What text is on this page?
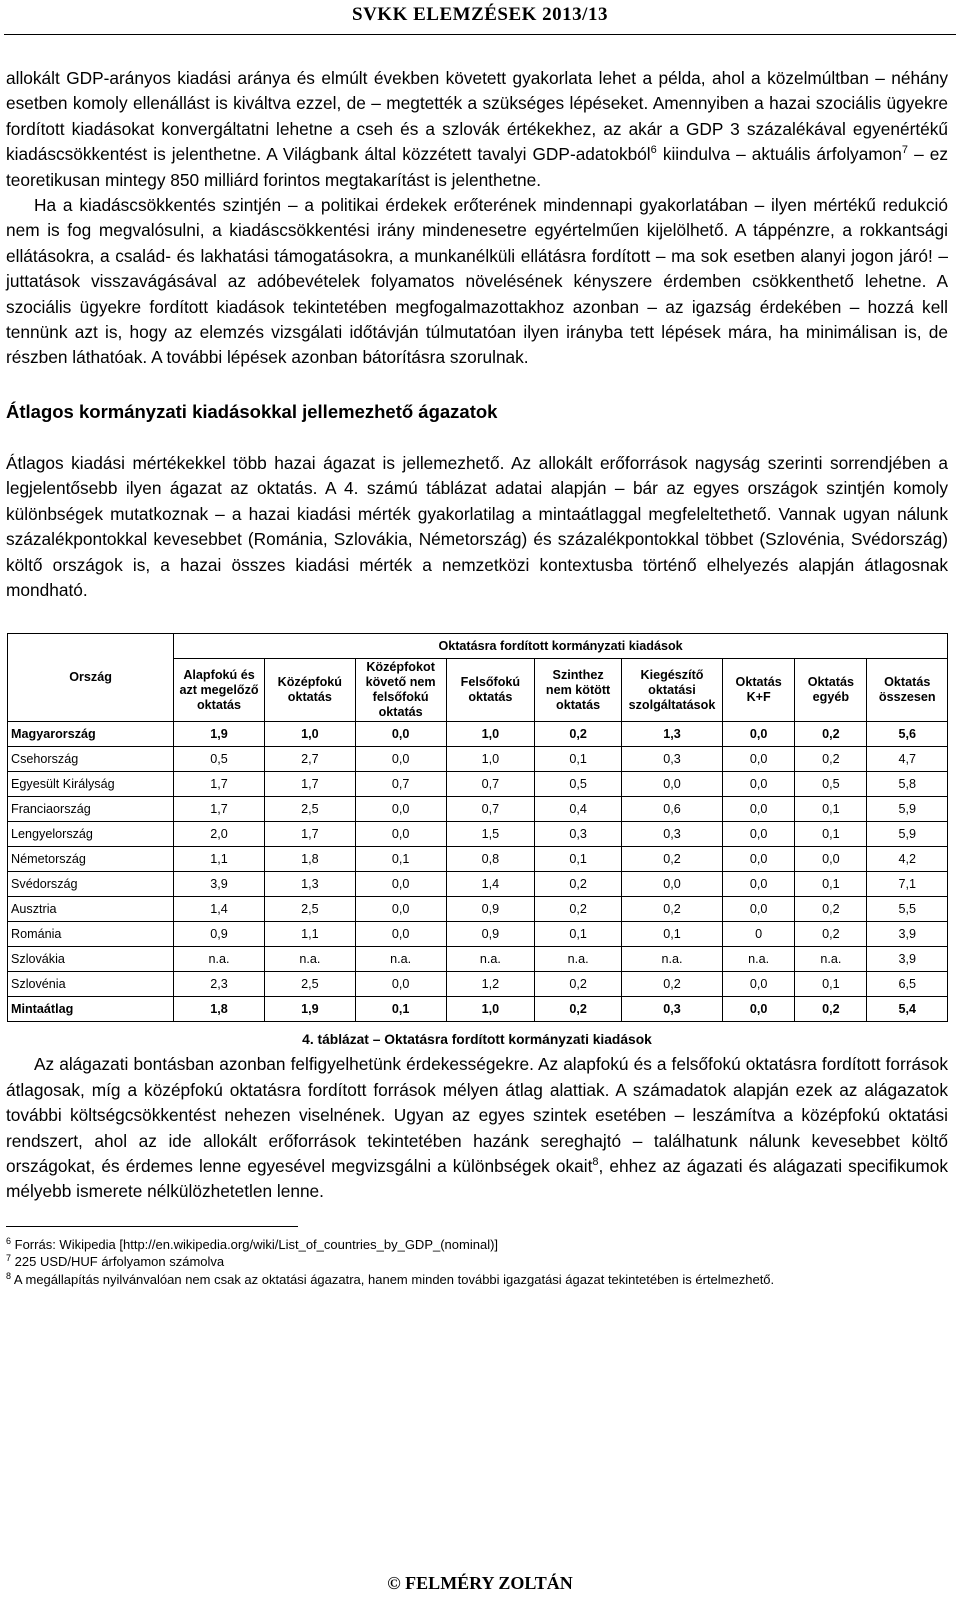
SVKK ELEMZÉSEK 2013/13

allokált GDP-arányos kiadási aránya és elmúlt években követett gyakorlata lehet a példa, ahol a közelmúltban – néhány esetben komoly ellenállást is kiváltva ezzel, de – megtették a szükséges lépéseket. Amennyiben a hazai szociális ügyekre fordított kiadásokat konvergáltatni lehetne a cseh és a szlovák értékekhez, az akár a GDP 3 százalékával egyenértékű kiadáscsökkentést is jelenthetne. A Világbank által közzétett tavalyi GDP-adatokból$^6$ kiindulva – aktuális árfolyamon$^7$ – ez teoretikusan mintegy 850 milliárd forintos megtakarítást is jelenthetne.

Ha a kiadáscsökkentés szintjén – a politikai érdekek erőterének mindennapi gyakorlatában – ilyen mértékű redukció nem is fog megvalósulni, a kiadáscsökkentési irány mindenesetre egyértelműen kijelölhető. A táppénzre, a rokkantsági ellátásokra, a család- és lakhatási támogatásokra, a munkanélküli ellátásra fordított – ma sok esetben alanyi jogon járó! – juttatások visszavágásával az adóbevételek folyamatos növelésének kényszere érdemben csökkenthető lehetne. A szociális ügyekre fordított kiadások tekintetében megfogalmazottakhoz azonban – az igazság érdekében – hozzá kell tennünk azt is, hogy az elemzés vizsgálati időtávján túlmutatóan ilyen irányba tett lépések mára, ha minimálisan is, de részben láthatóak. A további lépések azonban bátorításra szorulnak.

Átlagos kormányzati kiadásokkal jellemezhető ágazatok

Átlagos kiadási mértékekkel több hazai ágazat is jellemezhető. Az allokált erőforrások nagyság szerinti sorrendjében a legjelentősebb ilyen ágazat az oktatás. A 4. számú táblázat adatai alapján – bár az egyes országok szintjén komoly különbségek mutatkoznak – a hazai kiadási mérték gyakorlatilag a mintaátlaggal megfeleltethető. Vannak ugyan nálunk százalékpontokkal kevesebbet (Románia, Szlovákia, Németország) és százalékpontokkal többet (Szlovénia, Svédország) költő országok is, a hazai összes kiadási mérték a nemzetközi kontextusba történő elhelyezés alapján átlagosnak mondható.

Ország	Oktatásra fordított kormányzati kiadások								
	Alapfokú és azt megelőző oktatás	Középfokú oktatás	Középfokot követő nem felsőfokú oktatás	Felsőfokú oktatás	Szinthez nem kötött oktatás	Kiegészítő oktatási szolgáltatások	Oktatás K+F	Oktatás egyéb	Oktatás összesen
Magyarország	1,9	1,0	0,0	1,0	0,2	1,3	0,0	0,2	5,6
Csehország	0,5	2,7	0,0	1,0	0,1	0,3	0,0	0,2	4,7
Egyesült Királyság	1,7	1,7	0,7	0,7	0,5	0,0	0,0	0,5	5,8
Franciaország	1,7	2,5	0,0	0,7	0,4	0,6	0,0	0,1	5,9
Lengyelország	2,0	1,7	0,0	1,5	0,3	0,3	0,0	0,1	5,9
Németország	1,1	1,8	0,1	0,8	0,1	0,2	0,0	0,0	4,2
Svédország	3,9	1,3	0,0	1,4	0,2	0,0	0,0	0,1	7,1
Ausztria	1,4	2,5	0,0	0,9	0,2	0,2	0,0	0,2	5,5
Románia	0,9	1,1	0,0	0,9	0,1	0,1	0	0,2	3,9
Szlovákia	n.a.	n.a.	n.a.	n.a.	n.a.	n.a.	n.a.	n.a.	3,9
Szlovénia	2,3	2,5	0,0	1,2	0,2	0,2	0,0	0,1	6,5
Mintaátlag	1,8	1,9	0,1	1,0	0,2	0,3	0,0	0,2	5,4
4. táblázat – Oktatásra fordított kormányzati kiadások

Az alágazati bontásban azonban felfigyelhetünk érdekességekre. Az alapfokú és a felsőfokú oktatásra fordított források átlagosak, míg a középfokú oktatásra fordított források mélyen átlag alattiak. A számadatok alapján ezek az alágazatok további költségcsökkentést nehezen viselnének. Ugyan az egyes szintek esetében – leszámítva a középfokú oktatási rendszert, ahol az ide allokált erőforrások tekintetében hazánk sereghajtó – találhatunk nálunk kevesebbet költő országokat, és érdemes lenne egyesével megvizsgálni a különbségek okait$^8$, ehhez az ágazati és alágazati specifikumok mélyebb ismerete nélkülözhetetlen lenne.

$^6$ Forrás: Wikipedia [http://en.wikipedia.org/wiki/List_of_countries_by_GDP_(nominal)]

$^7$ 225 USD/HUF árfolyamon számolva

$^8$ A megállapítás nyilvánvalóan nem csak az oktatási ágazatra, hanem minden további igazgatási ágazat tekintetében is értelmezhető.

© FELMÉRY ZOLTÁN
